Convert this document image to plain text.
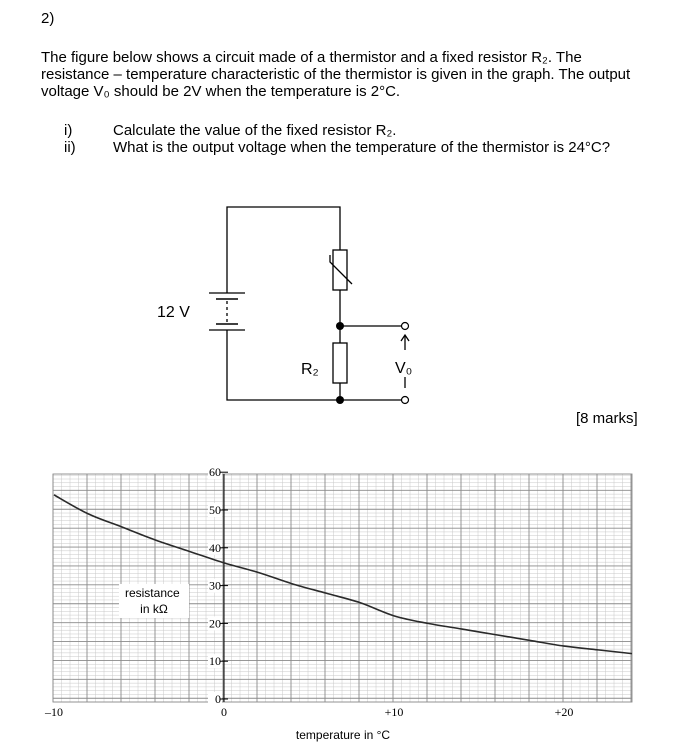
2)
The figure below shows a circuit made of a thermistor and a fixed resistor R₂. The resistance – temperature characteristic of the thermistor is given in the graph. The output voltage V₀ should be 2V when the temperature is 2°C.
i)	Calculate the value of the fixed resistor R₂.
ii)	What is the output voltage when the temperature of the thermistor is 24°C?
[8 marks]
12 V
R₂	V₀
0
10
20
30
40
50
60
–10	0	+10	+20
resistance in kΩ
temperature in °C
